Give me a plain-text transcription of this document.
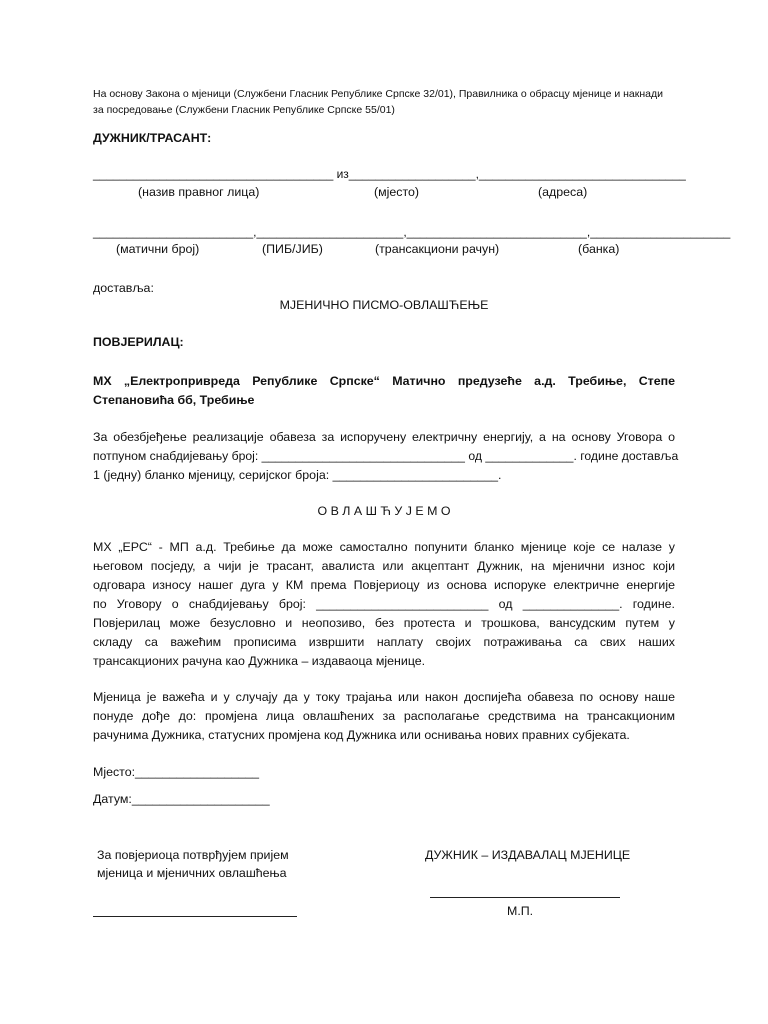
На основу Закона о мјеници (Службени Гласник Републике Српске 32/01), Правилника о обрасцу мјенице и накнади
за посредовање (Службени Гласник Републике Српске 55/01)
ДУЖНИК/ТРАСАНТ:
____________________________________ из___________________,_______________________________
(назив правног лица)	(мјесто)	(адреса)
________________________,______________________,___________________________,_____________________
(матични број)	(ПИБ/ЈИБ)	(трансакциони рачун)	(банка)
доставља:
МЈЕНИЧНО ПИСМО-ОВЛАШЋЕЊЕ
ПОВЈЕРИЛАЦ:
МХ „Електропривреда Републике Српске“ Матично предузеће а.д. Требиње, Степе
Степановића бб, Требиње
За обезбјеђење реализације обавеза за испоручену електричну енергију, а на основу Уговора о
потпуном снабдијевању број: ______________________________ од _____________. године доставља
1 (једну) бланко мјеницу, серијског броја: ________________________.
О В Л А Ш Ћ У Ј Е М О
МХ „ЕРС“ - МП а.д. Требиње да може самостално попунити бланко мјенице које се налазе у
његовом посједу, а чији је трасант, авалиста или акцептант Дужник, на мјенични износ који
одговара износу нашег дуга у КМ према Повјериоцу из основа испоруке електричне енергије
по Уговору о снабдијевању број: _________________________ од ______________. године.
Повјерилац може безусловно и неопозиво, без протеста и трошкова, вансудским путем у
складу са важећим прописима извршити наплату својих потраживања са свих наших
трансакционих рачуна као Дужника – издаваоца мјенице.
Мјеница је важећа и у случају да у току трајања или након доспијећа обавеза по основу наше
понуде дође до: промјена лица овлашћених за располагање средствима на трансакционим
рачунима Дужника, статусних промјена код Дужника или оснивања нових правних субјеката.
Мјесто:__________________
Датум:____________________
За повјериоца потврђујем пријем
мјеница и мјеничних овлашћења
ДУЖНИК – ИЗДАВАЛАЦ МЈЕНИЦЕ
М.П.
